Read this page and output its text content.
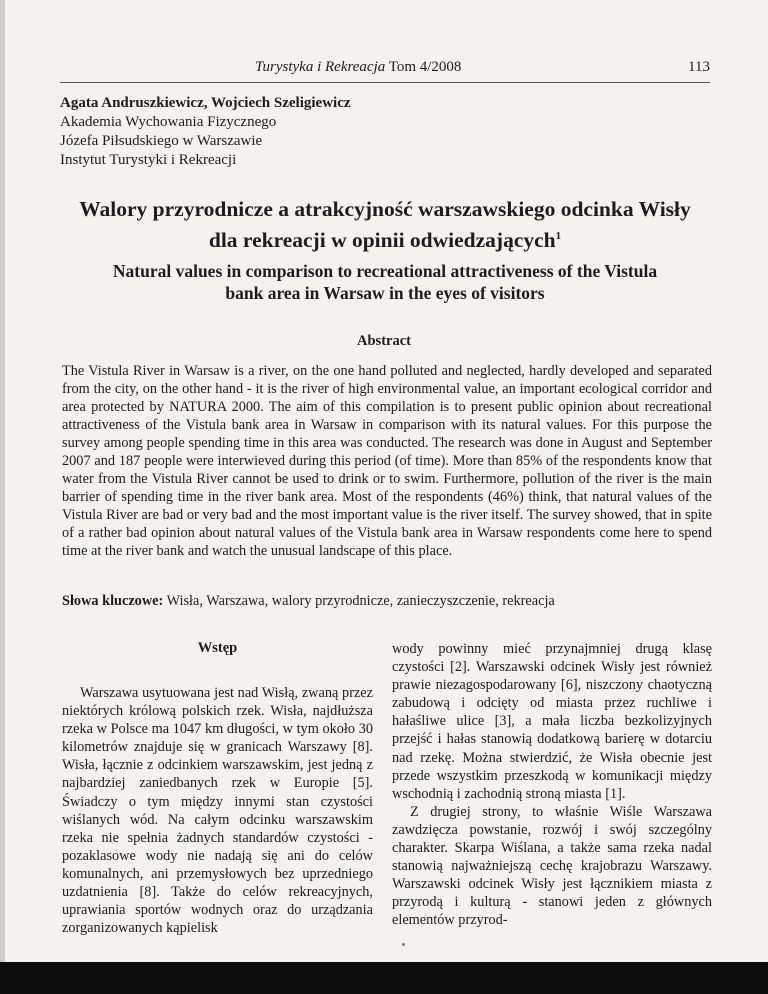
Turystyka i Rekreacja Tom 4/2008	113
Agata Andruszkiewicz, Wojciech Szeligiewicz
Akademia Wychowania Fizycznego
Józefa Piłsudskiego w Warszawie
Instytut Turystyki i Rekreacji
Walory przyrodnicze a atrakcyjność warszawskiego odcinka Wisły
dla rekreacji w opinii odwiedzających$^1$
Natural values in comparison to recreational attractiveness of the Vistula
bank area in Warsaw in the eyes of visitors
Abstract
The Vistula River in Warsaw is a river, on the one hand polluted and neglected, hardly developed and separated from the city, on the other hand - it is the river of high environmental value, an important ecological corridor and area protected by NATURA 2000. The aim of this compilation is to present public opinion about recreational attractiveness of the Vistula bank area in Warsaw in comparison with its natural values. For this purpose the survey among people spending time in this area was conducted. The research was done in August and September 2007 and 187 people were interwieved during this period (of time). More than 85% of the respondents know that water from the Vistula River cannot be used to drink or to swim. Furthermore, pollution of the river is the main barrier of spending time in the river bank area. Most of the respondents (46%) think, that natural values of the Vistula River are bad or very bad and the most important value is the river itself. The survey showed, that in spite of a rather bad opinion about natural values of the Vistula bank area in Warsaw respondents come here to spend time at the river bank and watch the unusual landscape of this place.
Słowa kluczowe: Wisła, Warszawa, walory przyrodnicze, zanieczyszczenie, rekreacja
Wstęp
Warszawa usytuowana jest nad Wisłą, zwaną przez niektórych królową polskich rzek. Wisła, najdłuższa rzeka w Polsce ma 1047 km długości, w tym około 30 kilometrów znajduje się w granicach Warszawy [8]. Wisła, łącznie z odcinkiem warszawskim, jest jedną z najbardziej zaniedbanych rzek w Europie [5]. Świadczy o tym między innymi stan czystości wiślanych wód. Na całym odcinku warszawskim rzeka nie spełnia żadnych standardów czystości - pozaklasowe wody nie nadają się ani do celów komunalnych, ani przemysłowych bez uprzedniego uzdatnienia [8]. Także do celów rekreacyjnych, uprawiania sportów wodnych oraz do urządzania zorganizowanych kąpielisk
wody powinny mieć przynajmniej drugą klasę czystości [2]. Warszawski odcinek Wisły jest również prawie niezagospodarowany [6], niszczony chaotyczną zabudową i odcięty od miasta przez ruchliwe i hałaśliwe ulice [3], a mała liczba bezkolizyjnych przejść i hałas stanowią dodatkową barierę w dotarciu nad rzekę. Można stwierdzić, że Wisła obecnie jest przede wszystkim przeszkodą w komunikacji między wschodnią i zachodnią stroną miasta [1].
Z drugiej strony, to właśnie Wiśle Warszawa zawdzięcza powstanie, rozwój i swój szczególny charakter. Skarpa Wiślana, a także sama rzeka nadal stanowią najważniejszą cechę krajobrazu Warszawy. Warszawski odcinek Wisły jest łącznikiem miasta z przyrodą i kulturą - stanowi jeden z głównych elementów przyrod-
